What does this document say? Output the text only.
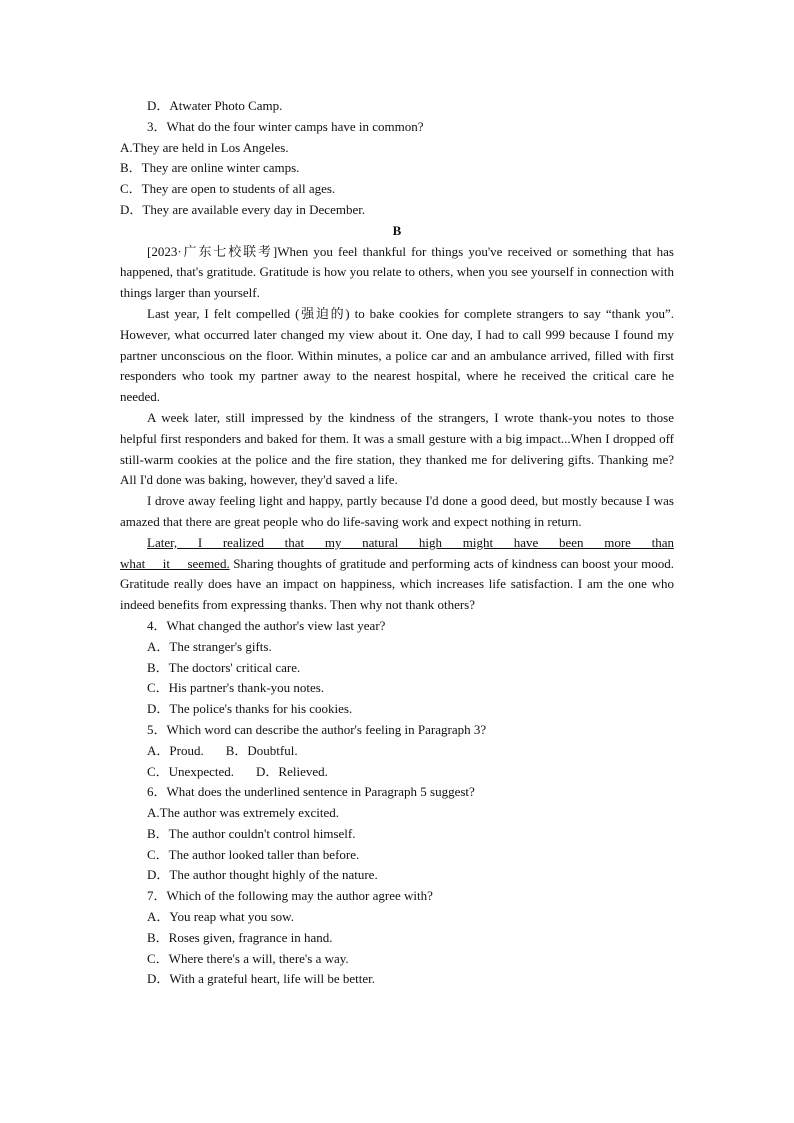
D．Atwater Photo Camp.
3．What do the four winter camps have in common?
A.They are held in Los Angeles.
B．They are online winter camps.
C．They are open to students of all ages.
D．They are available every day in December.
B

[2023·广东七校联考]When you feel thankful for things you've received or something that has happened, that's gratitude. Gratitude is how you relate to others, when you see yourself in connection with things larger than yourself.

Last year, I felt compelled (强迫的) to bake cookies for complete strangers to say “thank you”. However, what occurred later changed my view about it. One day, I had to call 999 because I found my partner unconscious on the floor. Within minutes, a police car and an ambulance arrived, filled with first responders who took my partner away to the nearest hospital, where he received the critical care he needed.

A week later, still impressed by the kindness of the strangers, I wrote thank-you notes to those helpful first responders and baked for them. It was a small gesture with a big impact...When I dropped off still-warm cookies at the police and the fire station, they thanked me for delivering gifts. Thanking me? All I'd done was baking, however, they'd saved a life.

I drove away feeling light and happy, partly because I'd done a good deed, but mostly because I was amazed that there are great people who do life-saving work and expect nothing in return.

Later, I realized that my natural high might have been more than what it seemed. Sharing thoughts of gratitude and performing acts of kindness can boost your mood. Gratitude really does have an impact on happiness, which increases life satisfaction. I am the one who indeed benefits from expressing thanks. Then why not thank others?

4．What changed the author's view last year?
A．The stranger's gifts.
B．The doctors' critical care.
C．His partner's thank-you notes.
D．The police's thanks for his cookies.
5．Which word can describe the author's feeling in Paragraph 3?
A．Proud. B．Doubtful.
C．Unexpected. D．Relieved.
6．What does the underlined sentence in Paragraph 5 suggest?
A.The author was extremely excited.
B．The author couldn't control himself.
C．The author looked taller than before.
D．The author thought highly of the nature.
7．Which of the following may the author agree with?
A．You reap what you sow.
B．Roses given, fragrance in hand.
C．Where there's a will, there's a way.
D．With a grateful heart, life will be better.
